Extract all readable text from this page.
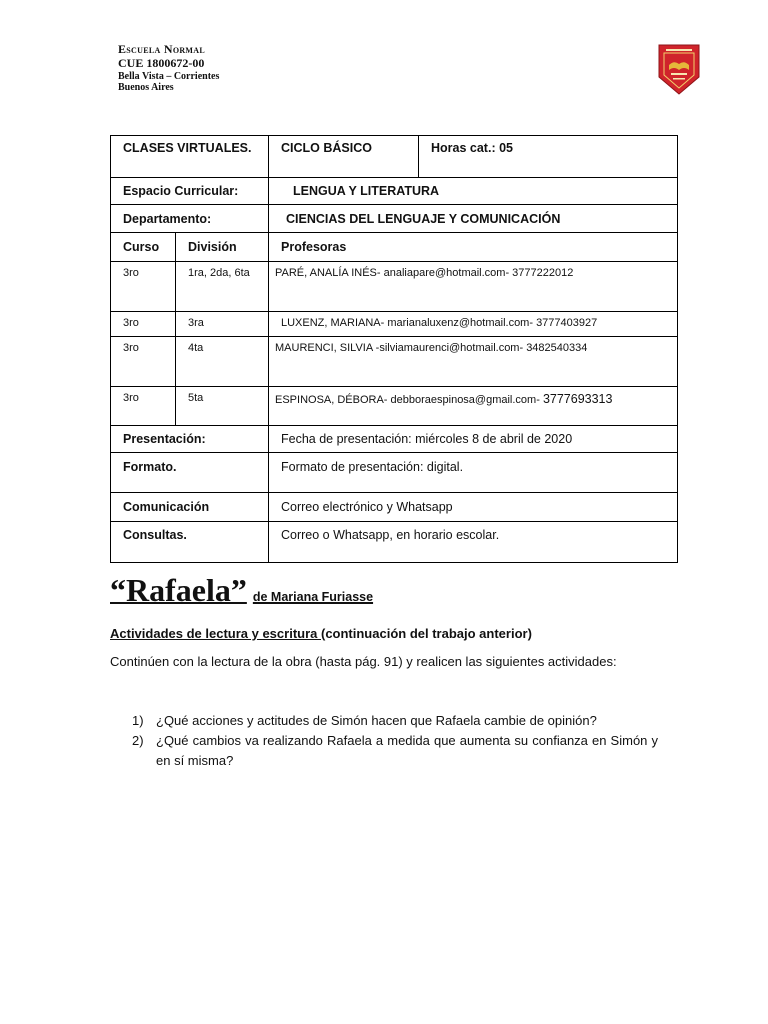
Escuela Normal
CUE 1800672-00
Bella Vista – Corrientes
Buenos Aires
CLASES VIRTUALES.		CICLO BÁSICO	Horas cat.: 05
Espacio Curricular:		LENGUA Y LITERATURA	
Departamento:		CIENCIAS DEL LENGUAJE Y COMUNICACIÓN	
Curso	División	Profesoras	
3ro	1ra, 2da, 6ta	PARÉ, ANALÍA INÉS- analiapare@hotmail.com- 3777222012	
3ro	3ra	LUXENZ, MARIANA- marianaluxenz@hotmail.com- 3777403927	
3ro	4ta	MAURENCI, SILVIA -silviamaurenci@hotmail.com- 3482540334	
3ro	5ta	ESPINOSA, DÉBORA- debboraespinosa@gmail.com- 3777693313	
Presentación:		Fecha de presentación: miércoles 8 de abril de 2020	
Formato.		Formato de presentación: digital.	
Comunicación		Correo electrónico y Whatsapp	
Consultas.		Correo o Whatsapp, en horario escolar.	
“Rafaela” de Mariana Furiasse
Actividades de lectura y escritura (continuación del trabajo anterior)
Continúen con la lectura de la obra (hasta pág. 91) y realicen las siguientes actividades:
1) ¿Qué acciones y actitudes de Simón hacen que Rafaela cambie de opinión?
2) ¿Qué cambios va realizando Rafaela a medida que aumenta su confianza en Simón y en sí misma?
